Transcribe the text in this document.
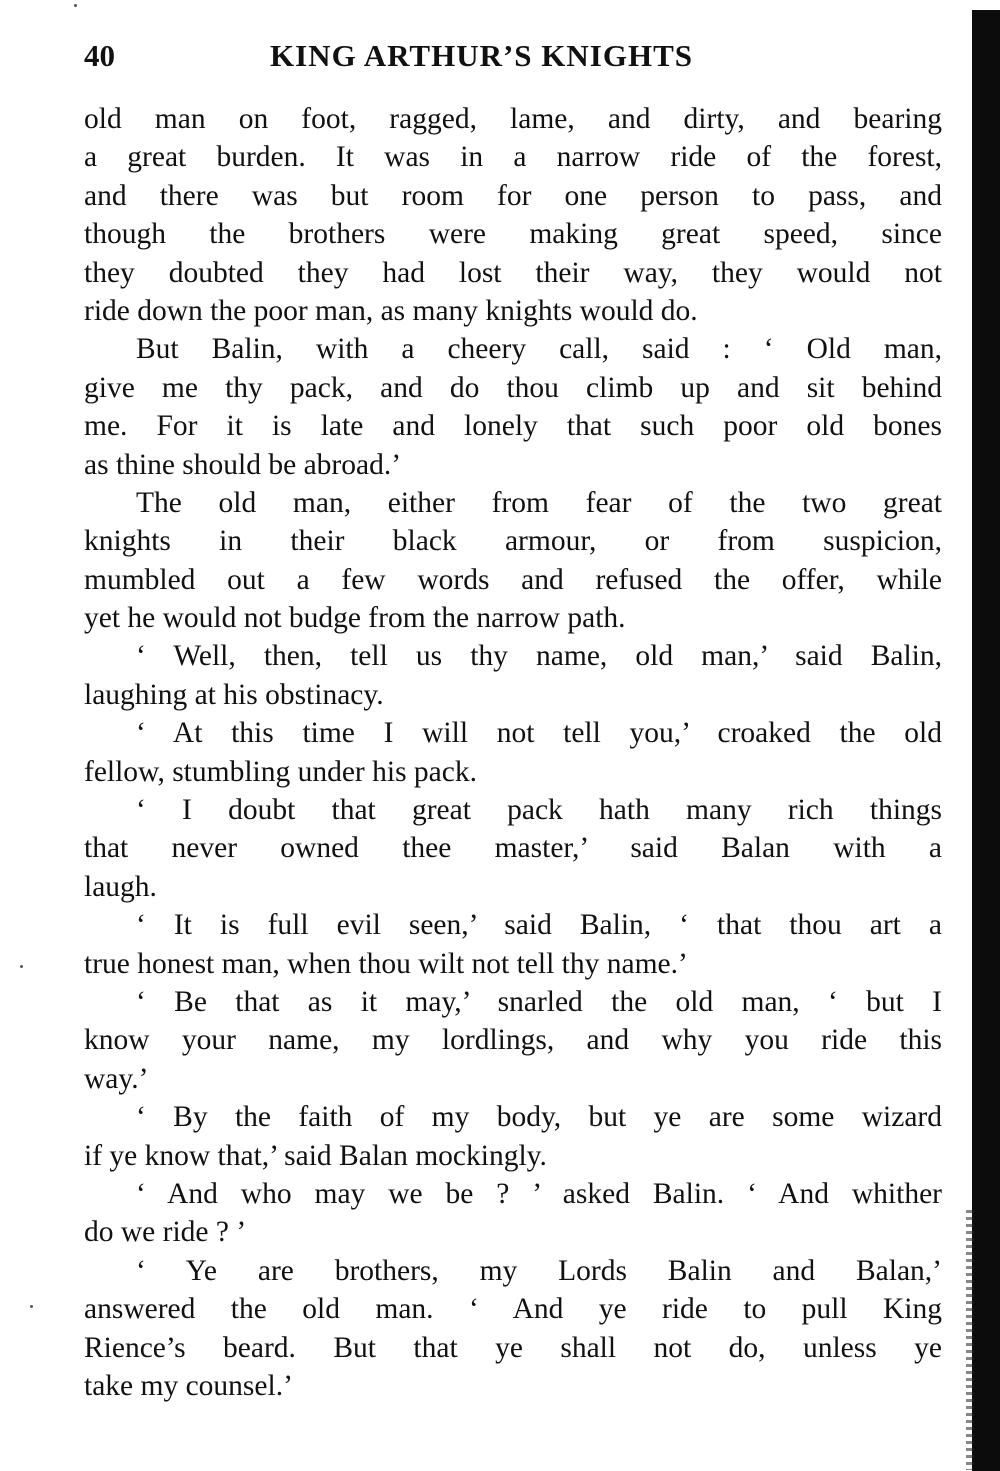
40	KING ARTHUR’S KNIGHTS
old man on foot, ragged, lame, and dirty, and bearing
a great burden. It was in a narrow ride of the forest,
and there was but room for one person to pass, and
though the brothers were making great speed, since
they doubted they had lost their way, they would not
ride down the poor man, as many knights would do.
But Balin, with a cheery call, said : ‘ Old man,
give me thy pack, and do thou climb up and sit behind
me. For it is late and lonely that such poor old bones
as thine should be abroad.’
The old man, either from fear of the two great
knights in their black armour, or from suspicion,
mumbled out a few words and refused the offer, while
yet he would not budge from the narrow path.
‘ Well, then, tell us thy name, old man,’ said Balin,
laughing at his obstinacy.
‘ At this time I will not tell you,’ croaked the old
fellow, stumbling under his pack.
‘ I doubt that great pack hath many rich things
that never owned thee master,’ said Balan with a
laugh.
‘ It is full evil seen,’ said Balin, ‘ that thou art a
true honest man, when thou wilt not tell thy name.’
‘ Be that as it may,’ snarled the old man, ‘ but I
know your name, my lordlings, and why you ride this
way.’
‘ By the faith of my body, but ye are some wizard
if ye know that,’ said Balan mockingly.
‘ And who may we be ? ’ asked Balin. ‘ And whither
do we ride ? ’
‘ Ye are brothers, my Lords Balin and Balan,’
answered the old man. ‘ And ye ride to pull King
Rience’s beard. But that ye shall not do, unless ye
take my counsel.’
